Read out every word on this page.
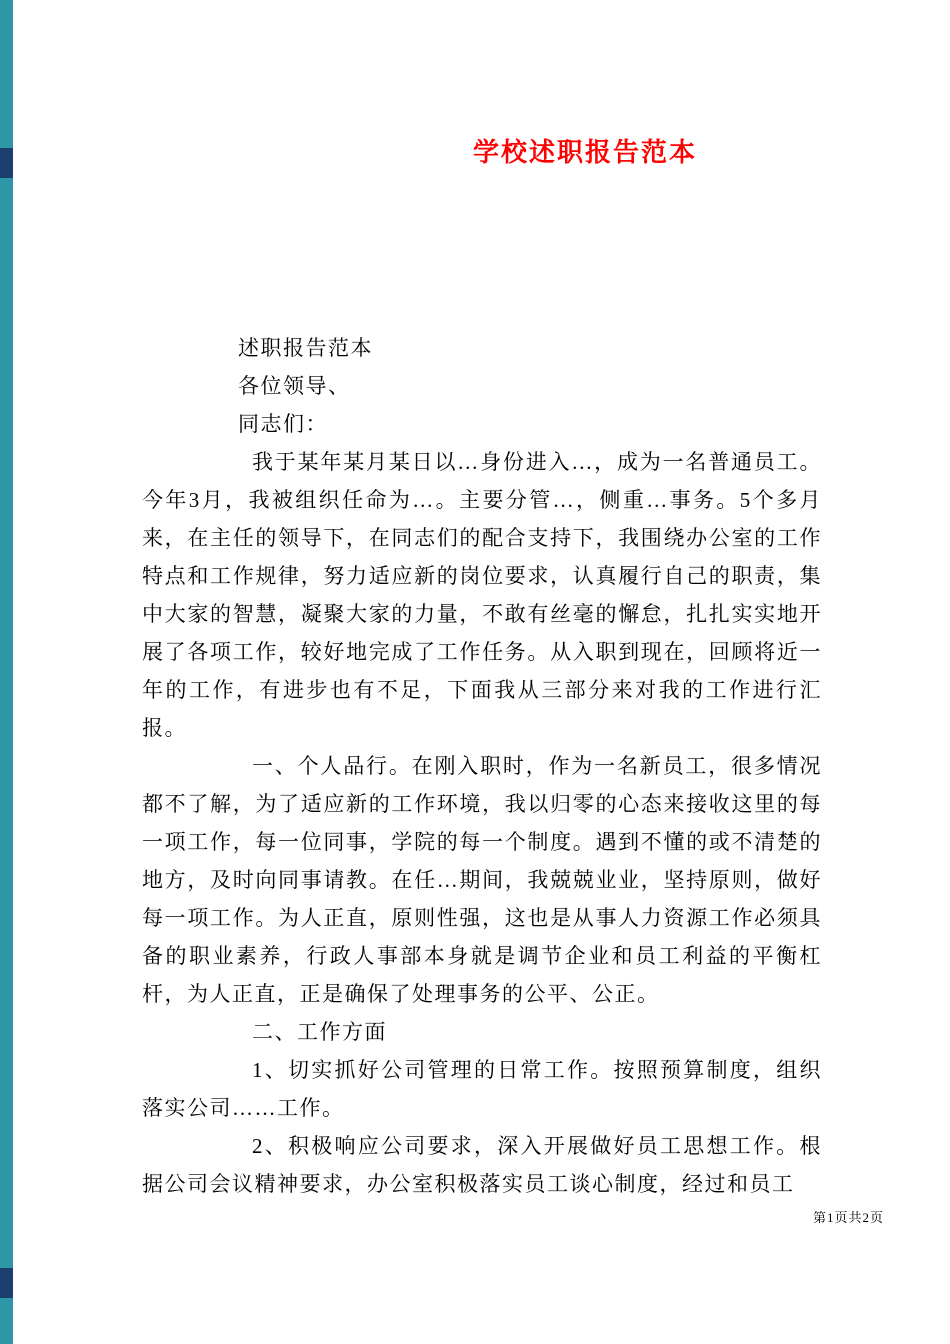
学校述职报告范本

述职报告范本

各位领导、

同志们：

我于某年某月某日以…身份进入…，成为一名普通员工。今年3月，我被组织任命为…。主要分管…，侧重…事务。5个多月来，在主任的领导下，在同志们的配合支持下，我围绕办公室的工作特点和工作规律，努力适应新的岗位要求，认真履行自己的职责，集中大家的智慧，凝聚大家的力量，不敢有丝毫的懈怠，扎扎实实地开展了各项工作，较好地完成了工作任务。从入职到现在，回顾将近一年的工作，有进步也有不足，下面我从三部分来对我的工作进行汇报。

一、个人品行。在刚入职时，作为一名新员工，很多情况都不了解，为了适应新的工作环境，我以归零的心态来接收这里的每一项工作，每一位同事，学院的每一个制度。遇到不懂的或不清楚的地方，及时向同事请教。在任…期间，我兢兢业业，坚持原则，做好每一项工作。为人正直，原则性强，这也是从事人力资源工作必须具备的职业素养，行政人事部本身就是调节企业和员工利益的平衡杠杆，为人正直，正是确保了处理事务的公平、公正。

二、工作方面

1、切实抓好公司管理的日常工作。按照预算制度，组织落实公司……工作。

2、积极响应公司要求，深入开展做好员工思想工作。根据公司会议精神要求，办公室积极落实员工谈心制度，经过和员工

第1页共2页
